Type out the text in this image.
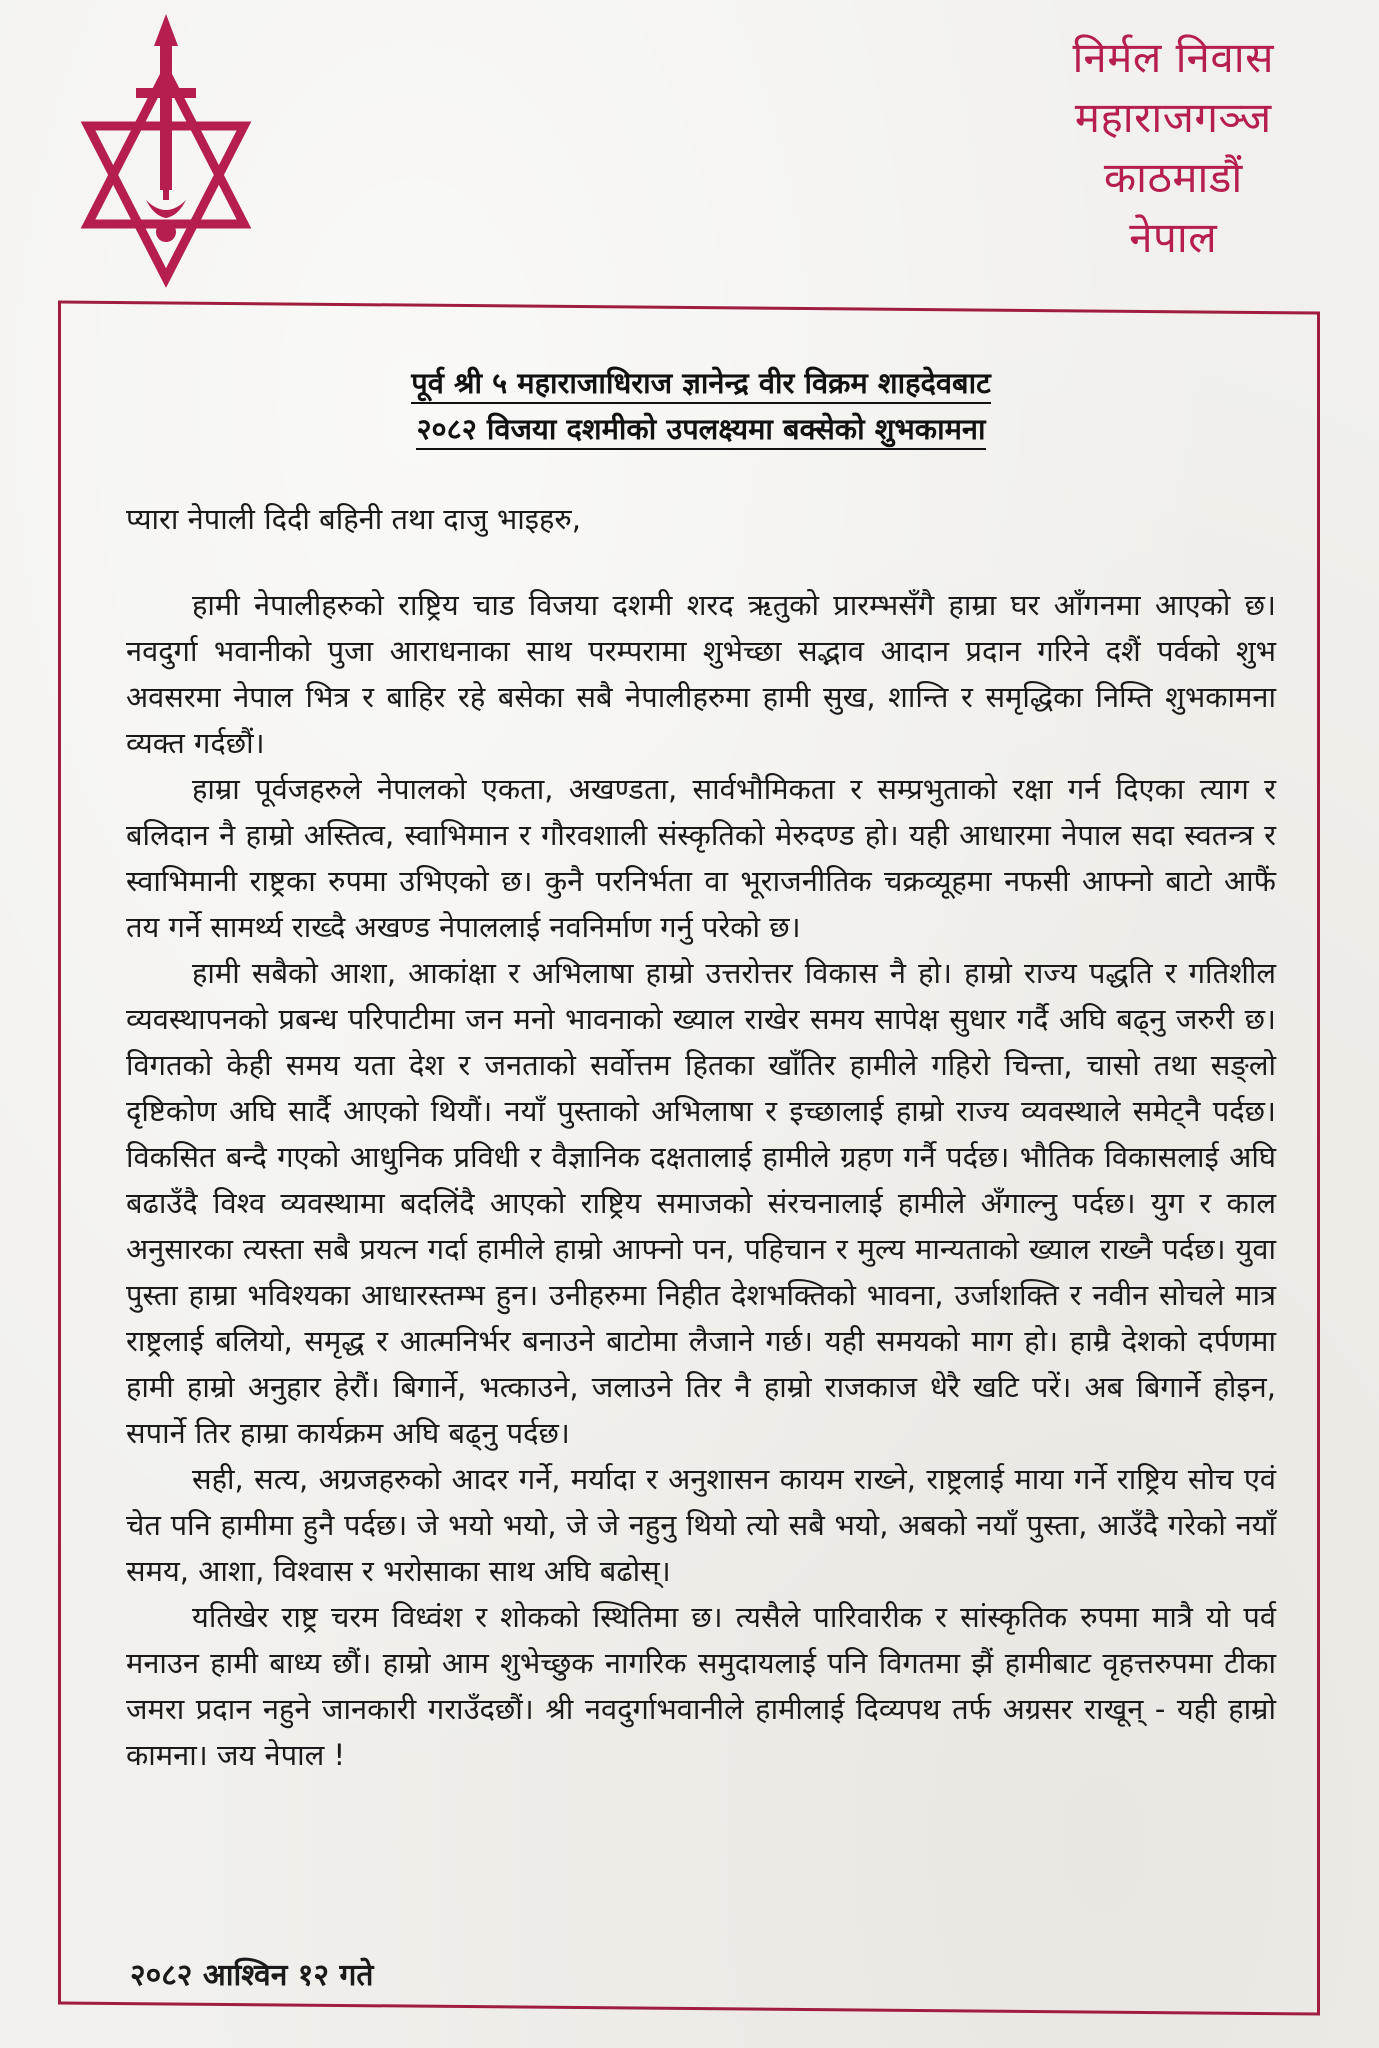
निर्मल निवास
महाराजगञ्ज
काठमाडौं
नेपाल
पूर्व श्री ५ महाराजाधिराज ज्ञानेन्द्र वीर विक्रम शाहदेवबाट
२०८२ विजया दशमीको उपलक्ष्यमा बक्सेको शुभकामना
प्यारा नेपाली दिदी बहिनी तथा दाजु भाइहरु,

हामी नेपालीहरुको राष्ट्रिय चाड विजया दशमी शरद ऋतुको प्रारम्भसँगै हाम्रा घर आँगनमा आएको छ। नवदुर्गा भवानीको पुजा आराधनाका साथ परम्परामा शुभेच्छा सद्भाव आदान प्रदान गरिने दशैं पर्वको शुभ अवसरमा नेपाल भित्र र बाहिर रहे बसेका सबै नेपालीहरुमा हामी सुख, शान्ति र समृद्धिका निम्ति शुभकामना व्यक्त गर्दछौं।

हाम्रा पूर्वजहरुले नेपालको एकता, अखण्डता, सार्वभौमिकता र सम्प्रभुताको रक्षा गर्न दिएका त्याग र बलिदान नै हाम्रो अस्तित्व, स्वाभिमान र गौरवशाली संस्कृतिको मेरुदण्ड हो। यही आधारमा नेपाल सदा स्वतन्त्र र स्वाभिमानी राष्ट्रका रुपमा उभिएको छ। कुनै परनिर्भता वा भूराजनीतिक चक्रव्यूहमा नफसी आफ्नो बाटो आफैं तय गर्ने सामर्थ्य राख्दै अखण्ड नेपाललाई नवनिर्माण गर्नु परेको छ।

हामी सबैको आशा, आकांक्षा र अभिलाषा हाम्रो उत्तरोत्तर विकास नै हो। हाम्रो राज्य पद्धति र गतिशील व्यवस्थापनको प्रबन्ध परिपाटीमा जन मनो भावनाको ख्याल राखेर समय सापेक्ष सुधार गर्दै अघि बढ्नु जरुरी छ। विगतको केही समय यता देश र जनताको सर्वोत्तम हितका खाँतिर हामीले गहिरो चिन्ता, चासो तथा सङ्लो दृष्टिकोण अघि सार्दै आएको थियौं। नयाँ पुस्ताको अभिलाषा र इच्छालाई हाम्रो राज्य व्यवस्थाले समेट्नै पर्दछ। विकसित बन्दै गएको आधुनिक प्रविधी र वैज्ञानिक दक्षतालाई हामीले ग्रहण गर्नै पर्दछ। भौतिक विकासलाई अघि बढाउँदै विश्व व्यवस्थामा बदलिंदै आएको राष्ट्रिय समाजको संरचनालाई हामीले अँगाल्नु पर्दछ। युग र काल अनुसारका त्यस्ता सबै प्रयत्न गर्दा हामीले हाम्रो आफ्नो पन, पहिचान र मुल्य मान्यताको ख्याल राख्नै पर्दछ। युवा पुस्ता हाम्रा भविश्यका आधारस्तम्भ हुन। उनीहरुमा निहीत देशभक्तिको भावना, उर्जाशक्ति र नवीन सोचले मात्र राष्ट्रलाई बलियो, समृद्ध र आत्मनिर्भर बनाउने बाटोमा लैजाने गर्छ। यही समयको माग हो। हाम्रै देशको दर्पणमा हामी हाम्रो अनुहार हेरौं। बिगार्ने, भत्काउने, जलाउने तिर नै हाम्रो राजकाज धेरै खटि परें। अब बिगार्ने होइन, सपार्ने तिर हाम्रा कार्यक्रम अघि बढ्नु पर्दछ।

सही, सत्य, अग्रजहरुको आदर गर्ने, मर्यादा र अनुशासन कायम राख्ने, राष्ट्रलाई माया गर्ने राष्ट्रिय सोच एवं चेत पनि हामीमा हुनै पर्दछ। जे भयो भयो, जे जे नहुनु थियो त्यो सबै भयो, अबको नयाँ पुस्ता, आउँदै गरेको नयाँ समय, आशा, विश्वास र भरोसाका साथ अघि बढोस्।

यतिखेर राष्ट्र चरम विध्वंश र शोकको स्थितिमा छ। त्यसैले पारिवारीक र सांस्कृतिक रुपमा मात्रै यो पर्व मनाउन हामी बाध्य छौं। हाम्रो आम शुभेच्छुक नागरिक समुदायलाई पनि विगतमा झैं हामीबाट वृहत्तरुपमा टीका जमरा प्रदान नहुने जानकारी गराउँदछौं। श्री नवदुर्गाभवानीले हामीलाई दिव्यपथ तर्फ अग्रसर राखून् - यही हाम्रो कामना। जय नेपाल !

२०८२ आश्विन १२ गते
